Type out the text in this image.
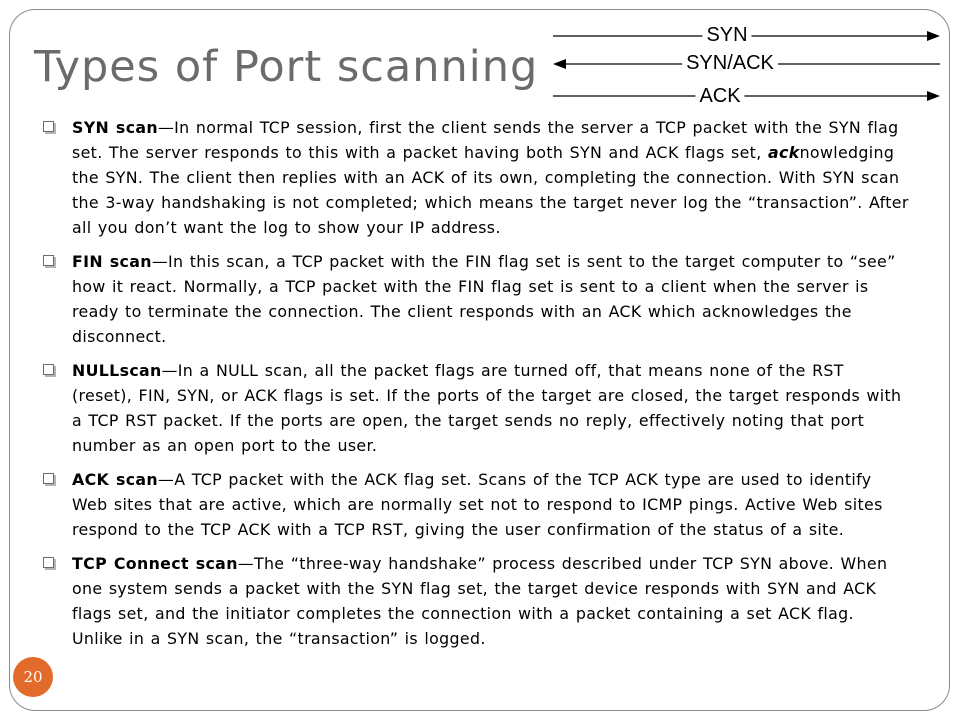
Types of Port scanning
SYN
SYN/ACK
ACK
SYN scan—In normal TCP session, first the client sends the server a TCP packet with the SYN flag set. The server responds to this with a packet having both SYN and ACK flags set, acknowledging the SYN. The client then replies with an ACK of its own, completing the connection. With SYN scan the 3-way handshaking is not completed; which means the target never log the “transaction”. After all you don’t want the log to show your IP address.
FIN scan—In this scan, a TCP packet with the FIN flag set is sent to the target computer to “see” how it react. Normally, a TCP packet with the FIN flag set is sent to a client when the server is ready to terminate the connection. The client responds with an ACK which acknowledges the disconnect.
NULLscan—In a NULL scan, all the packet flags are turned off, that means none of the RST (reset), FIN, SYN, or ACK flags is set. If the ports of the target are closed, the target responds with a TCP RST packet. If the ports are open, the target sends no reply, effectively noting that port number as an open port to the user.
ACK scan—A TCP packet with the ACK flag set. Scans of the TCP ACK type are used to identify Web sites that are active, which are normally set not to respond to ICMP pings. Active Web sites respond to the TCP ACK with a TCP RST, giving the user confirmation of the status of a site.
TCP Connect scan—The “three-way handshake” process described under TCP SYN above. When one system sends a packet with the SYN flag set, the target device responds with SYN and ACK flags set, and the initiator completes the connection with a packet containing a set ACK flag. Unlike in a SYN scan, the “transaction” is logged.
20
